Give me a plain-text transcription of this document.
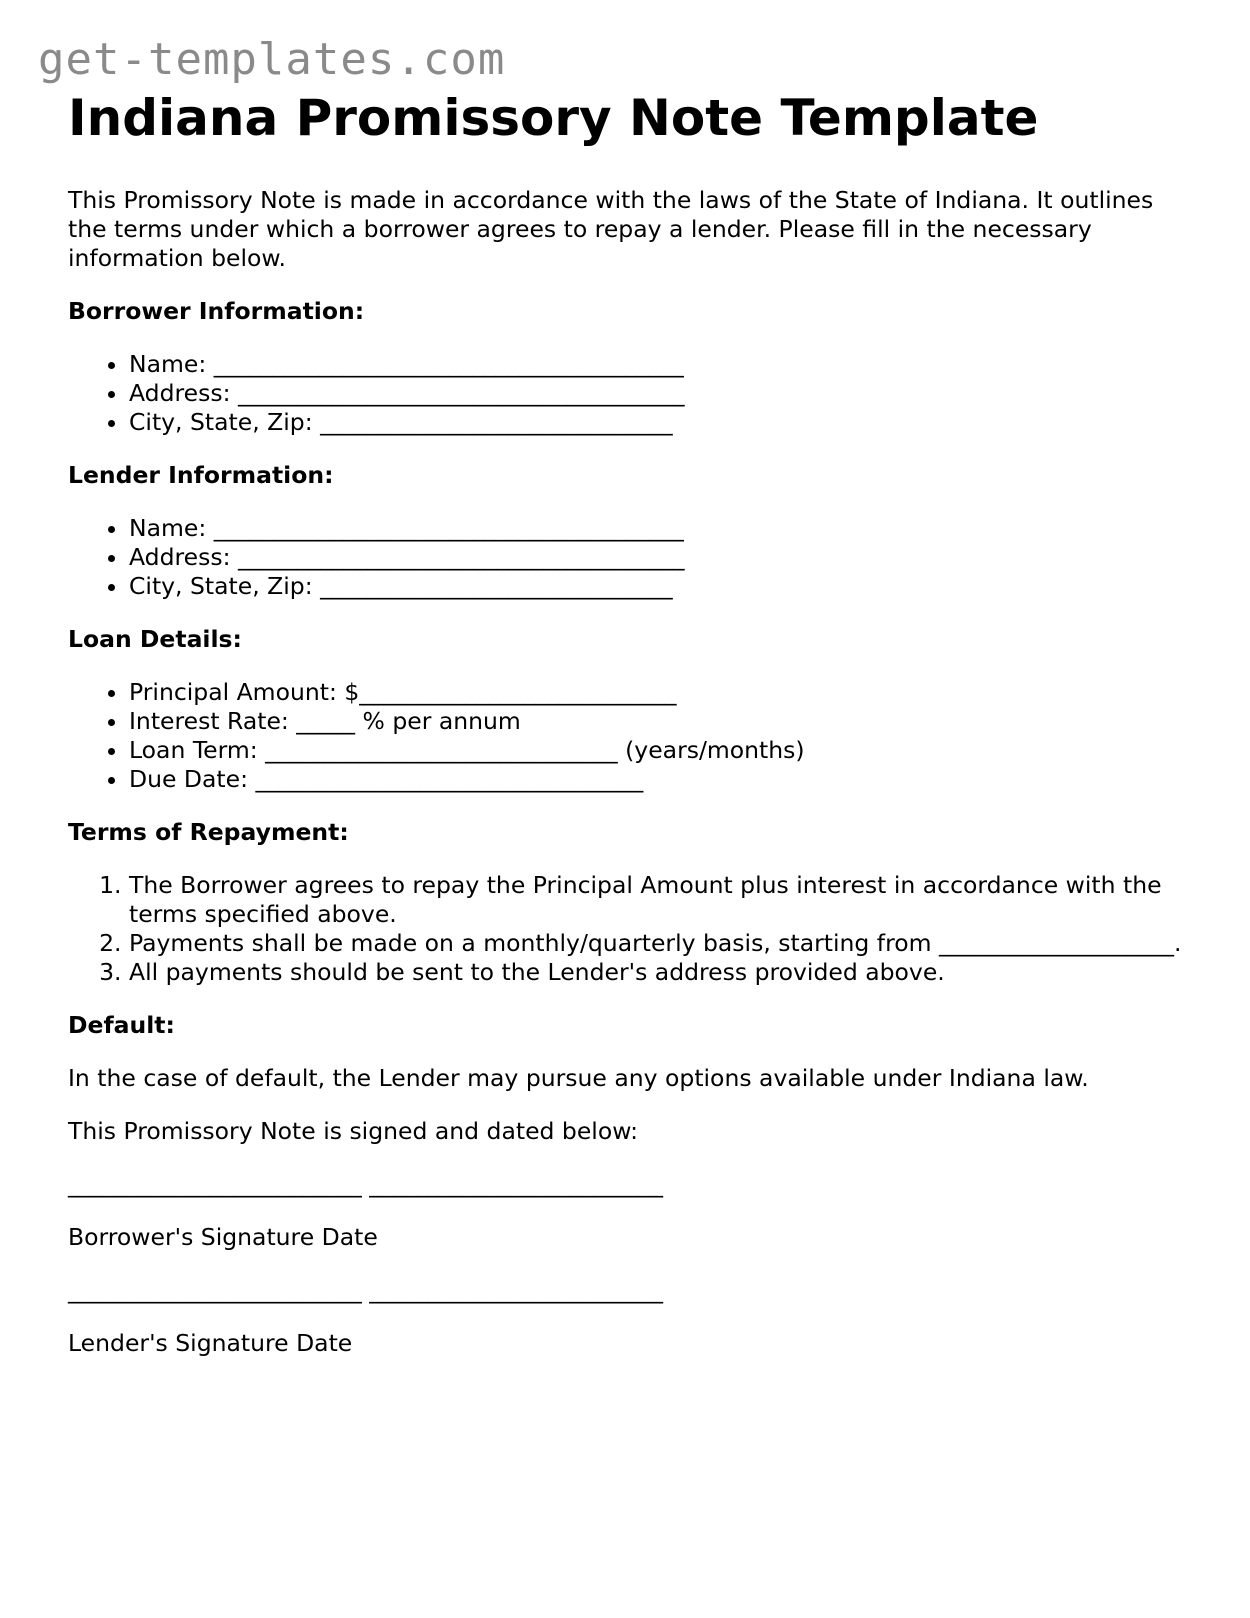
get-templates.com
Indiana Promissory Note Template

This Promissory Note is made in accordance with the laws of the State of Indiana. It outlines the terms under which a borrower agrees to repay a lender. Please fill in the necessary information below.

Borrower Information:
• Name: ________________________________________
• Address: ______________________________________
• City, State, Zip: ______________________________
Lender Information:
• Name: ________________________________________
• Address: ______________________________________
• City, State, Zip: ______________________________
Loan Details:
• Principal Amount: $___________________________
• Interest Rate: _____ % per annum
• Loan Term: ______________________________ (years/months)
• Due Date: _________________________________
Terms of Repayment:
1. The Borrower agrees to repay the Principal Amount plus interest in accordance with the terms specified above.
2. Payments shall be made on a monthly/quarterly basis, starting from ____________________.
3. All payments should be sent to the Lender's address provided above.
Default:

In the case of default, the Lender may pursue any options available under Indiana law.

This Promissory Note is signed and dated below:

_________________________ _________________________

Borrower's Signature Date

_________________________ _________________________

Lender's Signature Date
